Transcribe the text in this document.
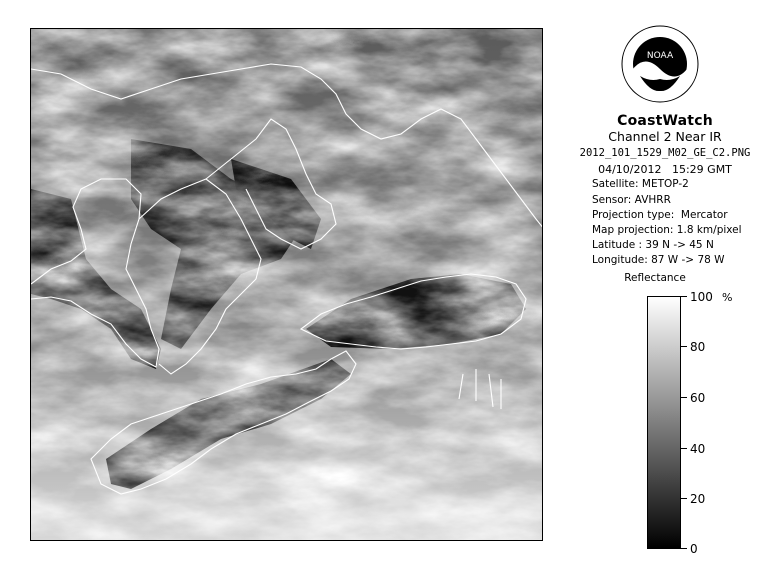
NOAA
CoastWatch
Channel 2 Near IR
2012_101_1529_M02_GE_C2.PNG
04/10/2012   15:29 GMT
Satellite: METOP-2
Sensor: AVHRR
Projection type:  Mercator
Map projection: 1.8 km/pixel
Latitude : 39 N -> 45 N
Longitude: 87 W -> 78 W
Reflectance
%
100
80
60
40
20
0
